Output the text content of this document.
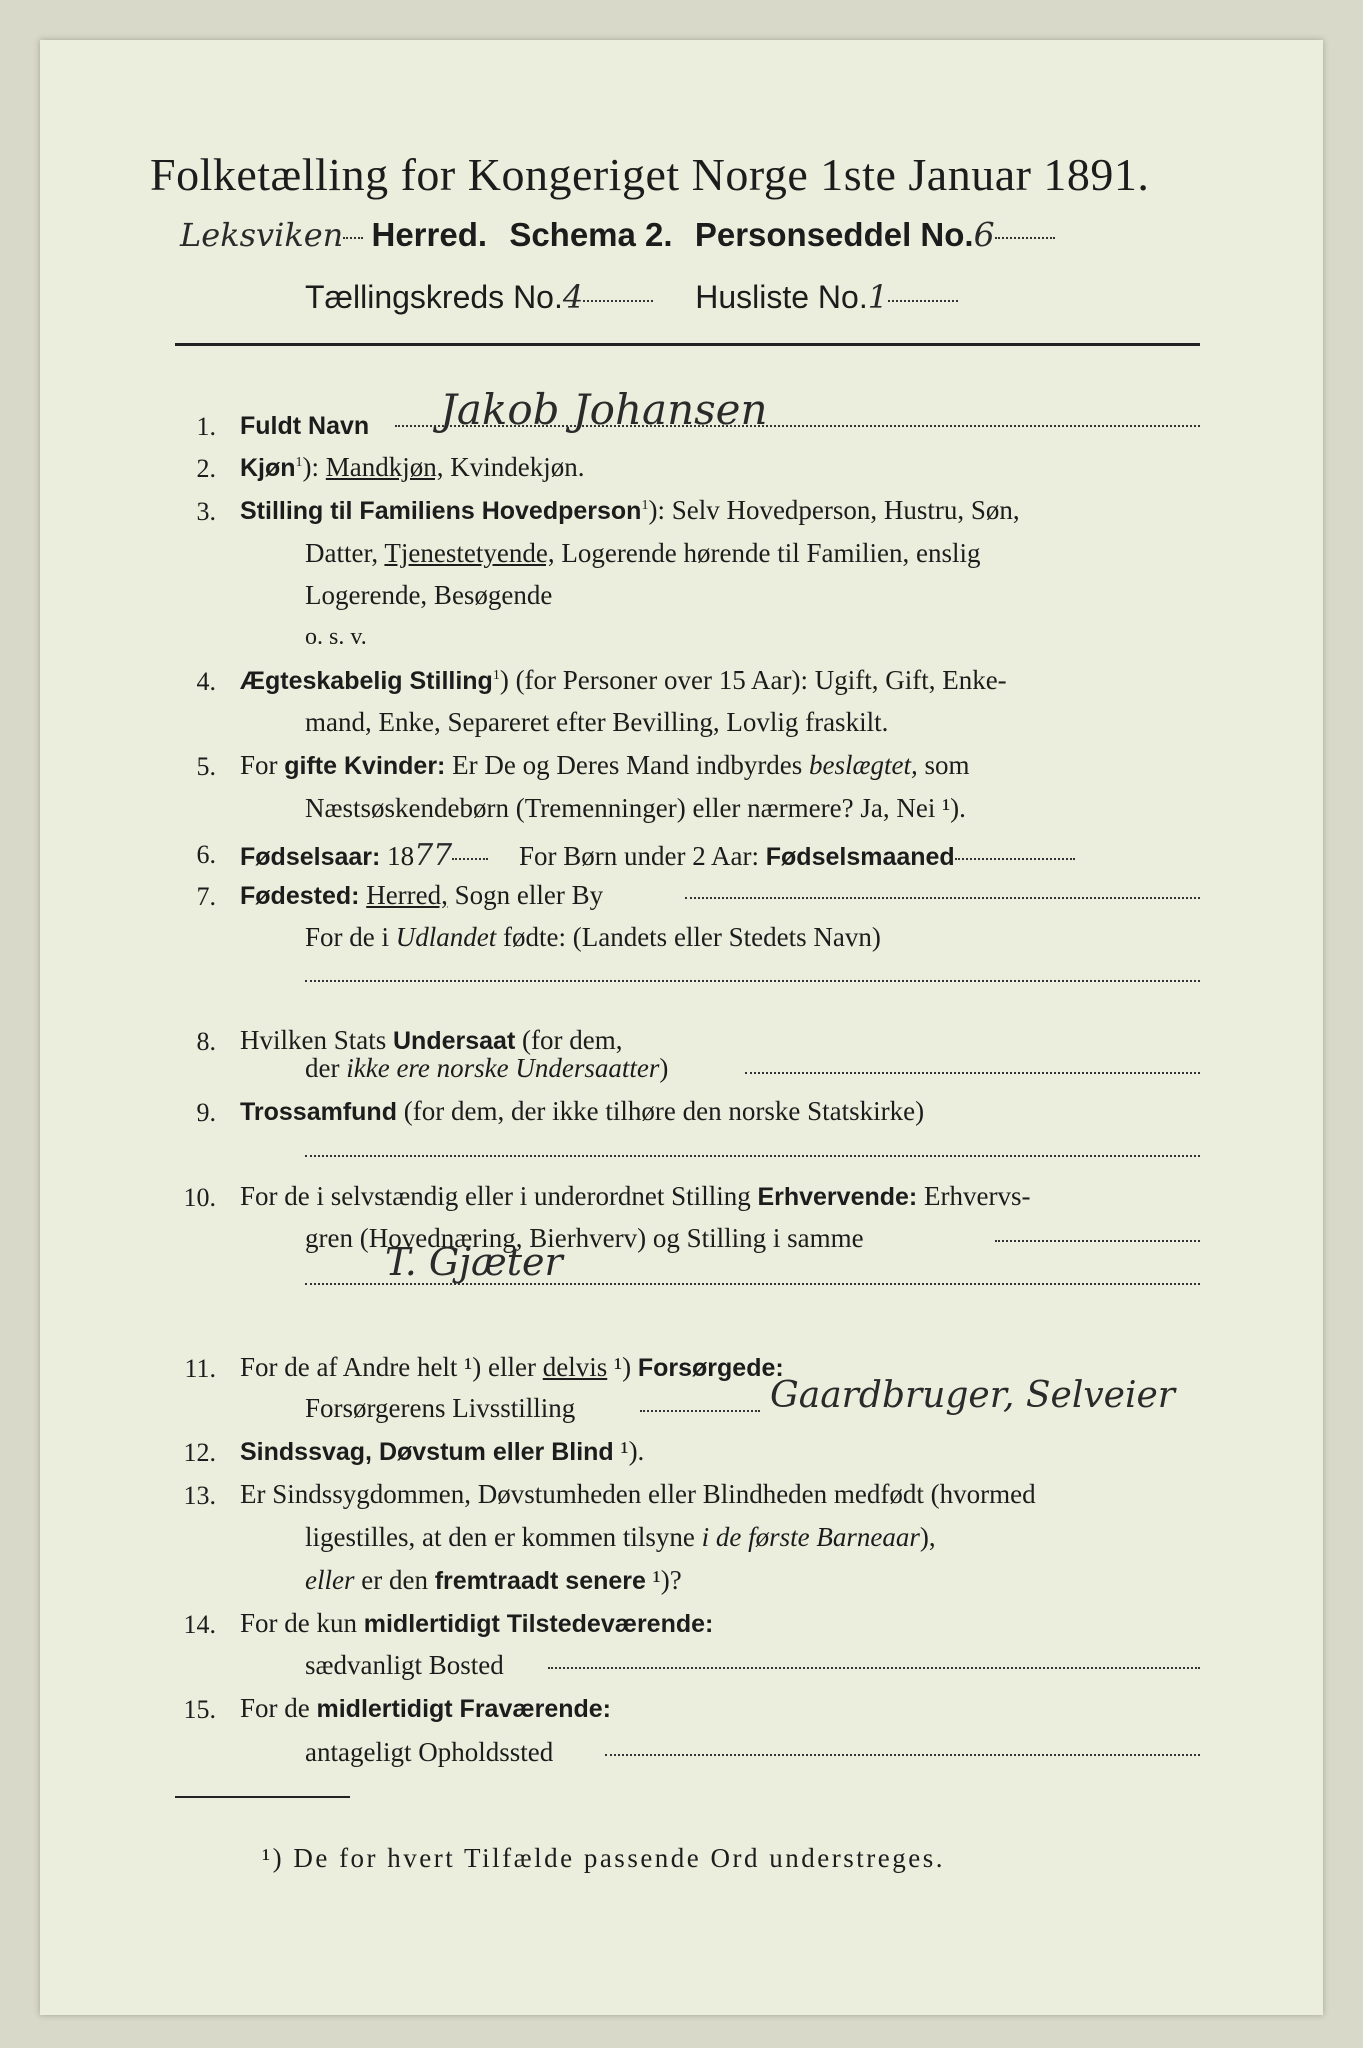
Folketælling for Kongeriget Norge 1ste Januar 1891.
Leksviken Herred. Schema 2. Personseddel No.6
Tællingskreds No.4	Husliste No.1
1. Fuldt Navn Jakob Johansen
2. Kjøn$^1$): Mandkjøn, Kvindekjøn.
3. Stilling til Familiens Hovedperson$^1$): Selv Hovedperson, Hustru, Søn,
Datter, Tjenestetyende, Logerende hørende til Familien, enslig
Logerende, Besøgende
o. s. v.
4. Ægteskabelig Stilling$^1$) (for Personer over 15 Aar): Ugift, Gift, Enke-
mand, Enke, Separeret efter Bevilling, Lovlig fraskilt.
5. For gifte Kvinder: Er De og Deres Mand indbyrdes beslægtet, som
Næstsøskendebørn (Tremenninger) eller nærmere? Ja, Nei ¹).
6. Fødselsaar: 1877 For Børn under 2 Aar: Fødselsmaaned
7. Fødested: Herred, Sogn eller By
For de i Udlandet fødte: (Landets eller Stedets Navn)
8. Hvilken Stats Undersaat (for dem,
der ikke ere norske Undersaatter)
9. Trossamfund (for dem, der ikke tilhøre den norske Statskirke)
10. For de i selvstændig eller i underordnet Stilling Erhvervende: Erhvervs-
gren (Hovednæring, Bierhverv) og Stilling i samme
T. Gjæter
11. For de af Andre helt ¹) eller delvis ¹) Forsørgede:
Forsørgerens Livsstilling	Gaardbruger, Selveier
12. Sindssvag, Døvstum eller Blind ¹).
13. Er Sindssygdommen, Døvstumheden eller Blindheden medfødt (hvormed
ligestilles, at den er kommen tilsyne i de første Barneaar),
eller er den fremtraadt senere ¹)?
14. For de kun midlertidigt Tilstedeværende:
sædvanligt Bosted
15. For de midlertidigt Fraværende:
antageligt Opholdssted
¹) De for hvert Tilfælde passende Ord understreges.
